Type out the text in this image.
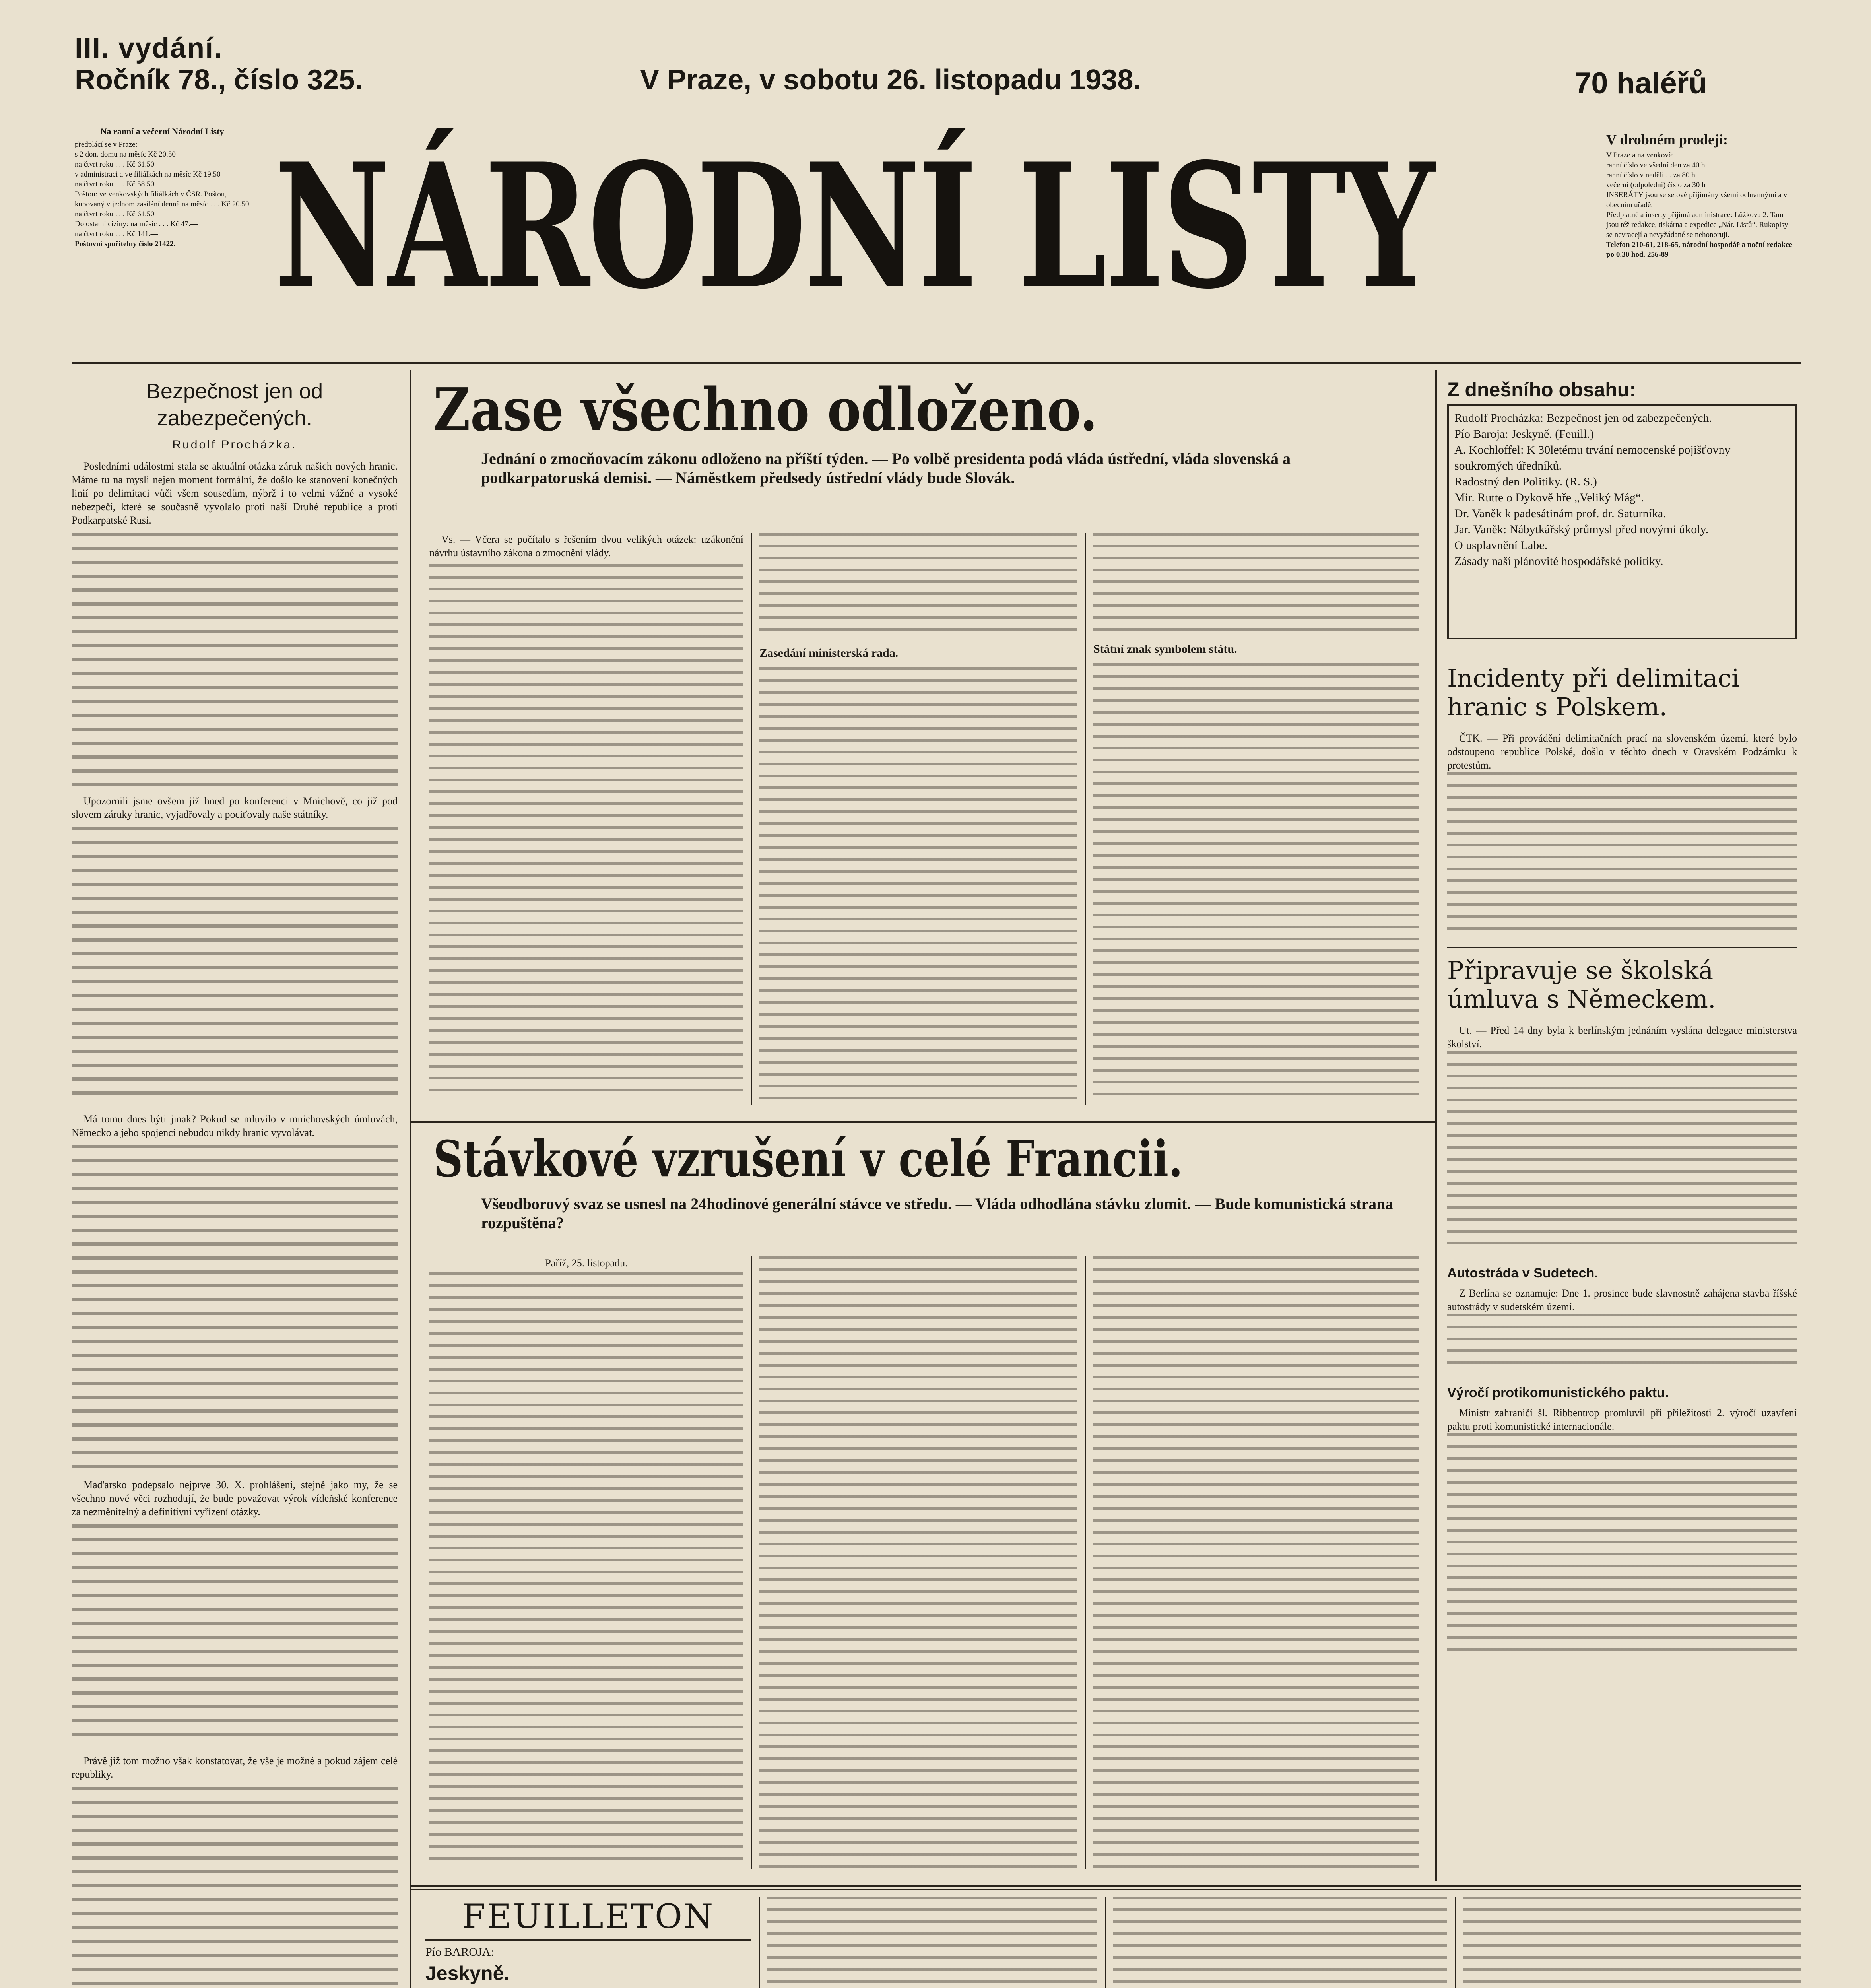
III. vydání.
Ročník 78., číslo 325.	V Praze, v sobotu 26. listopadu 1938.	70 haléřů
Na ranní a večerní Národní Listy
předplácí se v Praze:
s 2 don. domu na měsíc Kč 20.50
na čtvrt roku . . . Kč 61.50
v administraci a ve filiálkách na měsíc Kč 19.50
na čtvrt roku . . . Kč 58.50
Poštou: ve venkovských filiálkách v ČSR. Poštou, kupovaný v jednom zasílání denně na měsíc . . . Kč 20.50
na čtvrt roku . . . Kč 61.50
Do ostatní ciziny: na měsíc . . . Kč 47.—
na čtvrt roku . . . Kč 141.—
Poštovní spořitelny číslo 21422. NÁRODNÍ LISTY	V drobném prodeji:
V Praze a na venkově:
ranní číslo ve všední den za 40 h
ranní číslo v neděli . . za 80 h
večerní (odpolední) číslo za 30 h
INSERÁTY jsou se setové přijímány všemi ochrannými a v obecním úřadě.
Předplatné a inserty přijímá administrace: Lůžkova 2. Tam jsou též redakce, tiskárna a expedice „Nár. Listů“. Rukopisy se nevracejí a nevyžádané se nehonorují.
Telefon 210-61, 218-65, národní hospodář a noční redakce po 0.30 hod. 256-89
Bezpečnost jen od zabezpečených.
Rudolf Procházka.

Posledními událostmi stala se aktuální otázka záruk našich nových hranic. Máme tu na mysli nejen moment formální, že došlo ke stanovení konečných linií po delimitaci vůči všem sousedům, nýbrž i to velmi vážné a vysoké nebezpečí, které se současně vyvolalo proti naší Druhé republice a proti Podkarpatské Rusi.

Upozornili jsme ovšem již hned po konferenci v Mnichově, co již pod slovem záruky hranic, vyjadřovaly a pociťovaly naše státníky.

Má tomu dnes býti jinak? Pokud se mluvilo v mnichovských úmluvách, Německo a jeho spojenci nebudou nikdy hranic vyvolávat.

Mad'arsko podepsalo nejprve 30. X. prohlášení, stejně jako my, že se všechno nové věci rozhodují, že bude považovat výrok vídeňské konference za nezměnitelný a definitivní vyřízení otázky.

Právě již tom možno však konstatovat, že vše je možné a pokud zájem celé republiky.

Zase všechno odloženo.
Jednání o zmocňovacím zákonu odloženo na příští týden. — Po volbě presidenta podá vláda ústřední, vláda slovenská a podkarpatoruská demisi. — Náměstkem předsedy ústřední vlády bude Slovák.

Vs. — Včera se počítalo s řešením dvou velikých otázek: uzákonění návrhu ústavního zákona o zmocnění vlády.

Zasedání ministerská rada.	Státní znak symbolem státu.
Z dnešního obsahu:
Rudolf Procházka: Bezpečnost jen od zabezpečených.
Pío Baroja: Jeskyně. (Feuill.)
A. Kochloffel: K 30letému trvání nemocenské pojišťovny soukromých úředníků.
Radostný den Politiky. (R. S.)
Mir. Rutte o Dykově hře „Veliký Mág“.
Dr. Vaněk k padesátinám prof. dr. Saturníka.
Jar. Vaněk: Nábytkářský průmysl před novými úkoly.
O usplavnění Labe.
Zásady naší plánovité hospodářské politiky.
Incidenty při delimitaci hranic s Polskem.
ČTK. — Při provádění delimitačních prací na slovenském území, které bylo odstoupeno republice Polské, došlo v těchto dnech v Oravském Podzámku k protestům.
Připravuje se školská úmluva s Německem.
Ut. — Před 14 dny byla k berlínským jednáním vyslána delegace ministerstva školství.
Autostráda v Sudetech.
Z Berlína se oznamuje: Dne 1. prosince bude slavnostně zahájena stavba říšské autostrády v sudetském území.
Výročí protikomunistického paktu.
Ministr zahraničí šl. Ribbentrop promluvil při příležitosti 2. výročí uzavření paktu proti komunistické internacionále.
Stávkové vzrušení v celé Francii.
Všeodborový svaz se usnesl na 24hodinové generální stávce ve středu. — Vláda odhodlána stávku zlomit. — Bude komunistická strana rozpuštěna?
Paříž, 25. listopadu.
FEUILLETON
Pío BAROJA:
Jeskyně.
